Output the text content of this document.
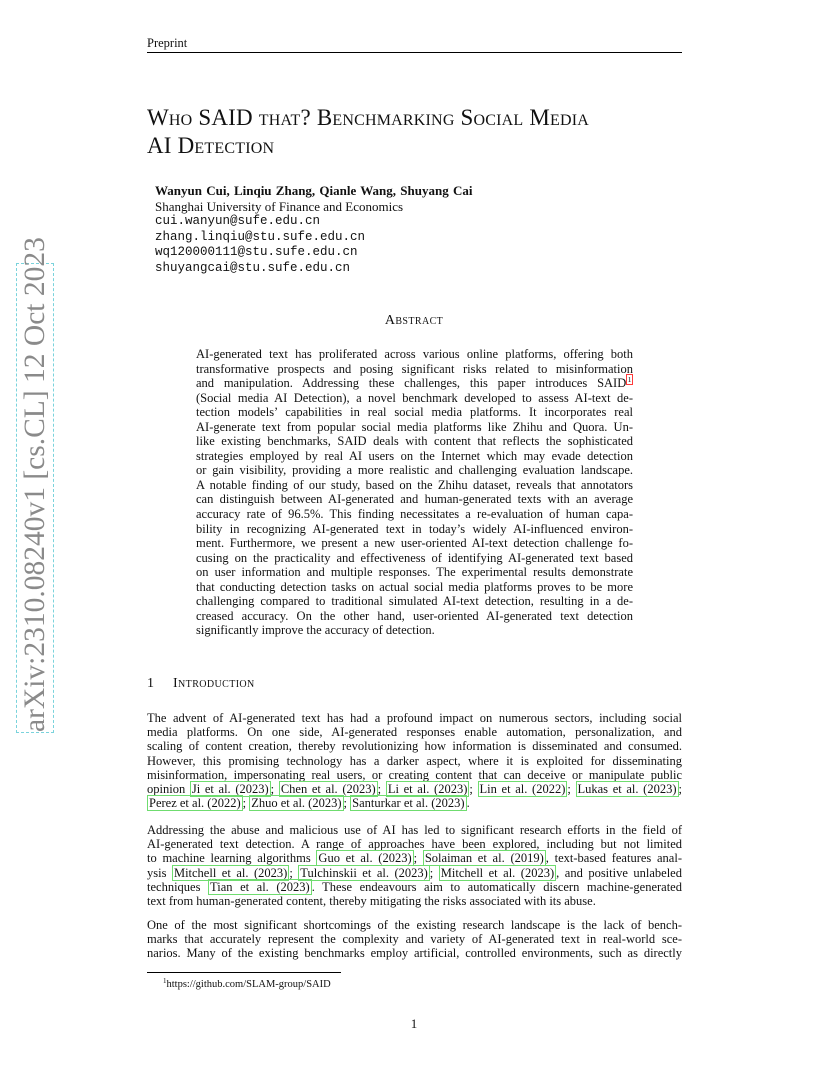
Preprint
arXiv:2310.08240v1 [cs.CL] 12 Oct 2023
Who SAID that? Benchmarking Social Media
AI Detection
Wanyun Cui, Linqiu Zhang, Qianle Wang, Shuyang Cai
Shanghai University of Finance and Economics
cui.wanyun@sufe.edu.cn
zhang.linqiu@stu.sufe.edu.cn
wq120000111@stu.sufe.edu.cn
shuyangcai@stu.sufe.edu.cn
Abstract
AI-generated text has proliferated across various online platforms, offering both
transformative prospects and posing significant risks related to misinformation
and manipulation. Addressing these challenges, this paper introduces SAID $^1$
(Social media AI Detection), a novel benchmark developed to assess AI-text de-
tection models’ capabilities in real social media platforms. It incorporates real
AI-generate text from popular social media platforms like Zhihu and Quora. Un-
like existing benchmarks, SAID deals with content that reflects the sophisticated
strategies employed by real AI users on the Internet which may evade detection
or gain visibility, providing a more realistic and challenging evaluation landscape.
A notable finding of our study, based on the Zhihu dataset, reveals that annotators
can distinguish between AI-generated and human-generated texts with an average
accuracy rate of 96.5%. This finding necessitates a re-evaluation of human capa-
bility in recognizing AI-generated text in today’s widely AI-influenced environ-
ment. Furthermore, we present a new user-oriented AI-text detection challenge fo-
cusing on the practicality and effectiveness of identifying AI-generated text based
on user information and multiple responses. The experimental results demonstrate
that conducting detection tasks on actual social media platforms proves to be more
challenging compared to traditional simulated AI-text detection, resulting in a de-
creased accuracy. On the other hand, user-oriented AI-generated text detection
significantly improve the accuracy of detection.
1 Introduction
The advent of AI-generated text has had a profound impact on numerous sectors, including social
media platforms. On one side, AI-generated responses enable automation, personalization, and
scaling of content creation, thereby revolutionizing how information is disseminated and consumed.
However, this promising technology has a darker aspect, where it is exploited for disseminating
misinformation, impersonating real users, or creating content that can deceive or manipulate public
opinion Ji et al. (2023) ; Chen et al. (2023) ; Li et al. (2023) ; Lin et al. (2022) ; Lukas et al. (2023) ;
Perez et al. (2022) ; Zhuo et al. (2023) ; Santurkar et al. (2023) .
Addressing the abuse and malicious use of AI has led to significant research efforts in the field of
AI-generated text detection. A range of approaches have been explored, including but not limited
to machine learning algorithms Guo et al. (2023) ; Solaiman et al. (2019) , text-based features anal-
ysis Mitchell et al. (2023) ; Tulchinskii et al. (2023) ; Mitchell et al. (2023) , and positive unlabeled
techniques Tian et al. (2023) . These endeavours aim to automatically discern machine-generated
text from human-generated content, thereby mitigating the risks associated with its abuse.
One of the most significant shortcomings of the existing research landscape is the lack of bench-
marks that accurately represent the complexity and variety of AI-generated text in real-world sce-
narios. Many of the existing benchmarks employ artificial, controlled environments, such as directly
$^1$https://github.com/SLAM-group/SAID
1
